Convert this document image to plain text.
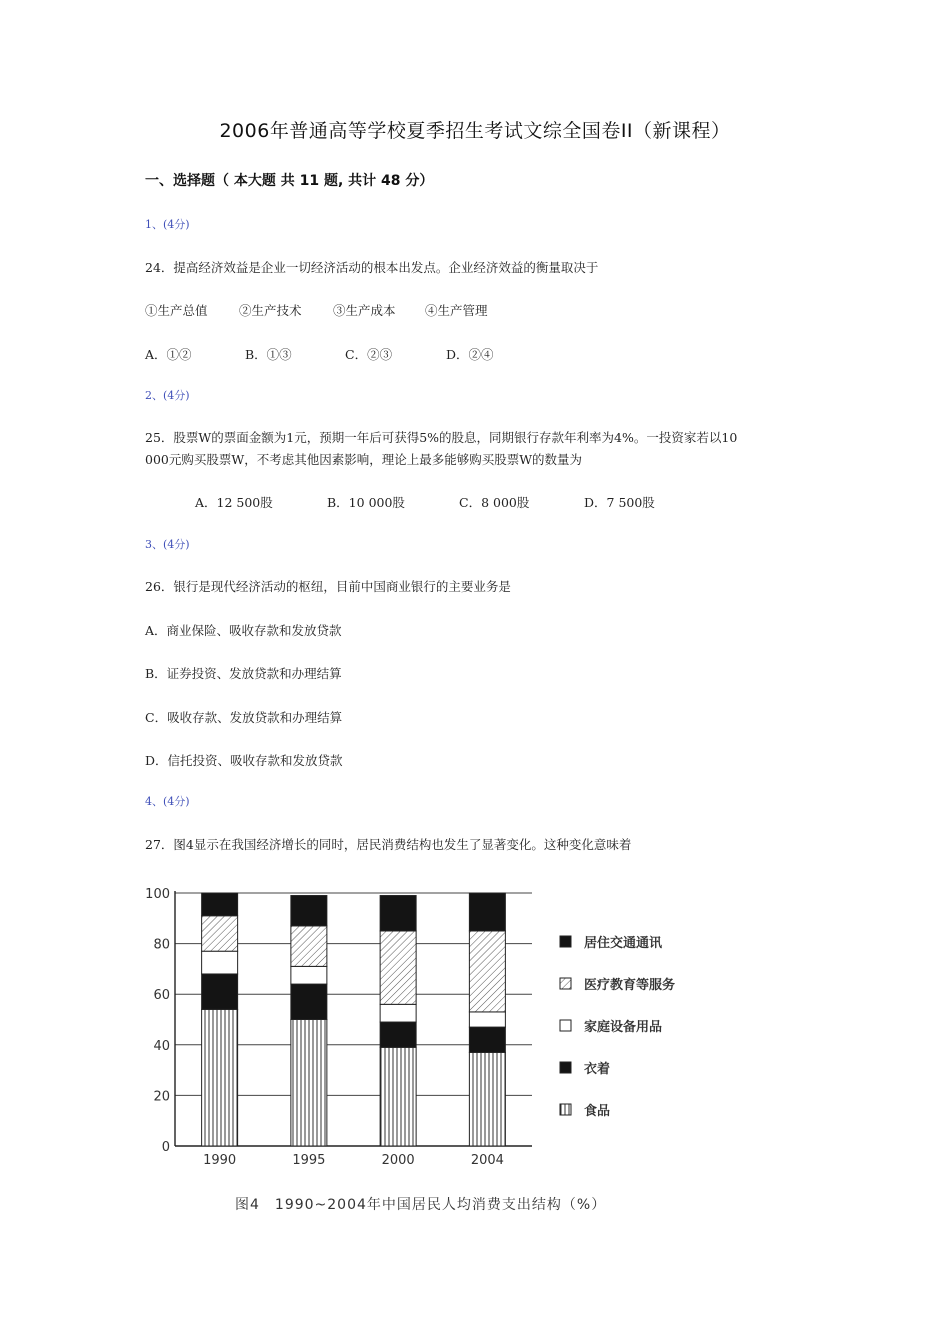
2006年普通高等学校夏季招生考试文综全国卷II（新课程）
一、选择题（ 本大题 共 11 题, 共计 48 分）
1、(4分)
24．提高经济效益是企业一切经济活动的根本出发点。企业经济效益的衡量取决于
①生产总值	②生产技术	③生产成本 ④生产管理
A．①②	B．①③	C．②③	D．②④
2、(4分)
25．股票W的票面金额为1元，预期一年后可获得5%的股息，同期银行存款年利率为4%。一投资家若以10
000元购买股票W，不考虑其他因素影响，理论上最多能够购买股票W的数量为
A．12 500股	B．10 000股	C．8 000股	D．7 500股
3、(4分)
26．银行是现代经济活动的枢纽，目前中国商业银行的主要业务是
A．商业保险、吸收存款和发放贷款
B．证券投资、发放贷款和办理结算
C．吸收存款、发放贷款和办理结算
D．信托投资、吸收存款和发放贷款
4、(4分)
27．图4显示在我国经济增长的同时，居民消费结构也发生了显著变化。这种变化意味着
0
20
40
60
80
100
1990	1995	2000	2004
居住交通通讯
医疗教育等服务
家庭设备用品
衣着
食品
图4　1990~2004年中国居民人均消费支出结构（%）
